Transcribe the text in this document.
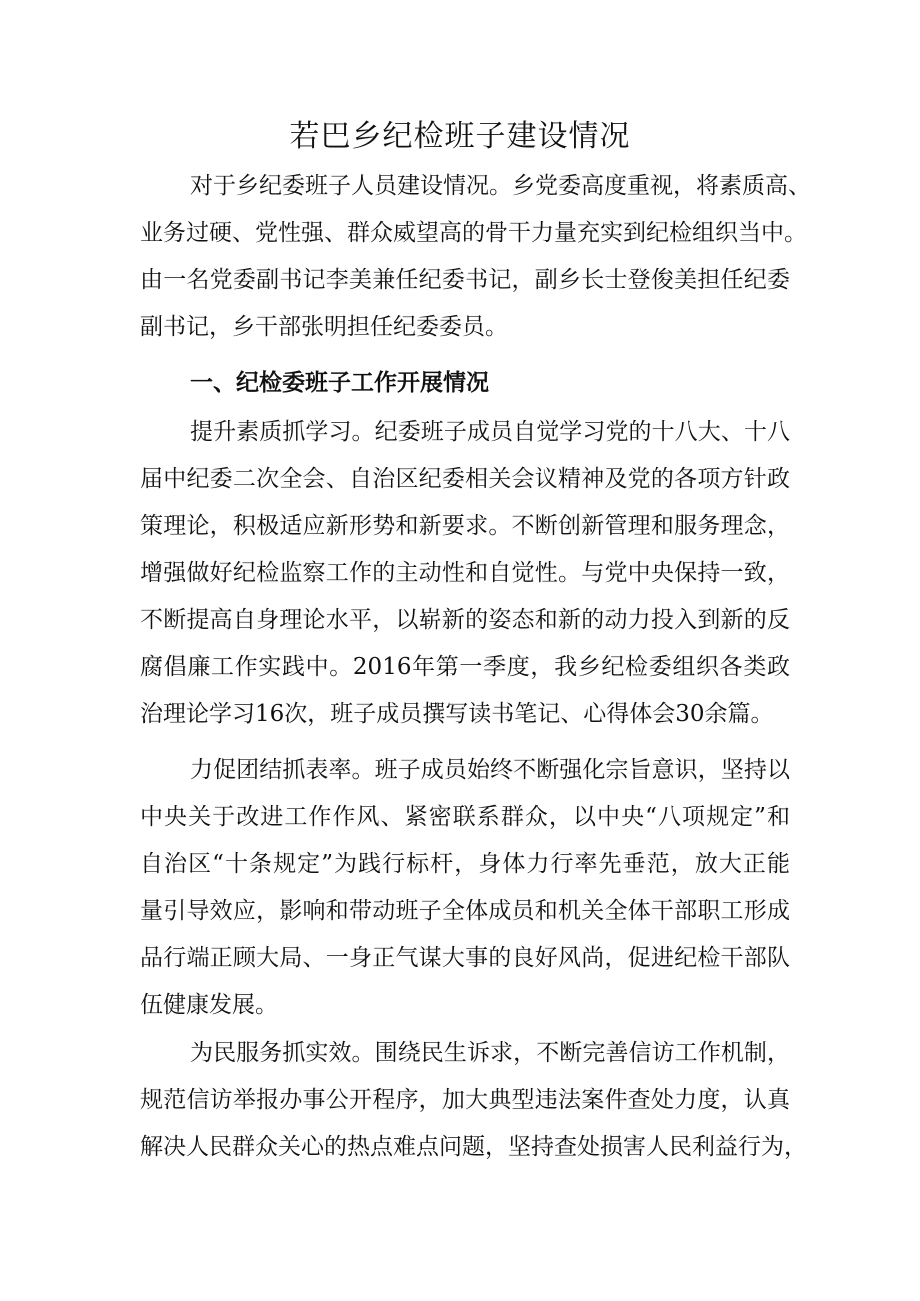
若巴乡纪检班子建设情况
对于乡纪委班子人员建设情况。乡党委高度重视，将素质高、
业务过硬、党性强、群众威望高的骨干力量充实到纪检组织当中。
由一名党委副书记李美兼任纪委书记，副乡长士登俊美担任纪委
副书记，乡干部张明担任纪委委员。
一、纪检委班子工作开展情况
提升素质抓学习。纪委班子成员自觉学习党的十八大、十八
届中纪委二次全会、自治区纪委相关会议精神及党的各项方针政
策理论，积极适应新形势和新要求。不断创新管理和服务理念，
增强做好纪检监察工作的主动性和自觉性。与党中央保持一致，
不断提高自身理论水平，以崭新的姿态和新的动力投入到新的反
腐倡廉工作实践中。2016年第一季度，我乡纪检委组织各类政
治理论学习16次，班子成员撰写读书笔记、心得体会30余篇。
力促团结抓表率。班子成员始终不断强化宗旨意识，坚持以
中央关于改进工作作风、紧密联系群众，以中央“八项规定”和
自治区“十条规定”为践行标杆，身体力行率先垂范，放大正能
量引导效应，影响和带动班子全体成员和机关全体干部职工形成
品行端正顾大局、一身正气谋大事的良好风尚，促进纪检干部队
伍健康发展。
为民服务抓实效。围绕民生诉求，不断完善信访工作机制，
规范信访举报办事公开程序，加大典型违法案件查处力度，认真
解决人民群众关心的热点难点问题，坚持查处损害人民利益行为，
